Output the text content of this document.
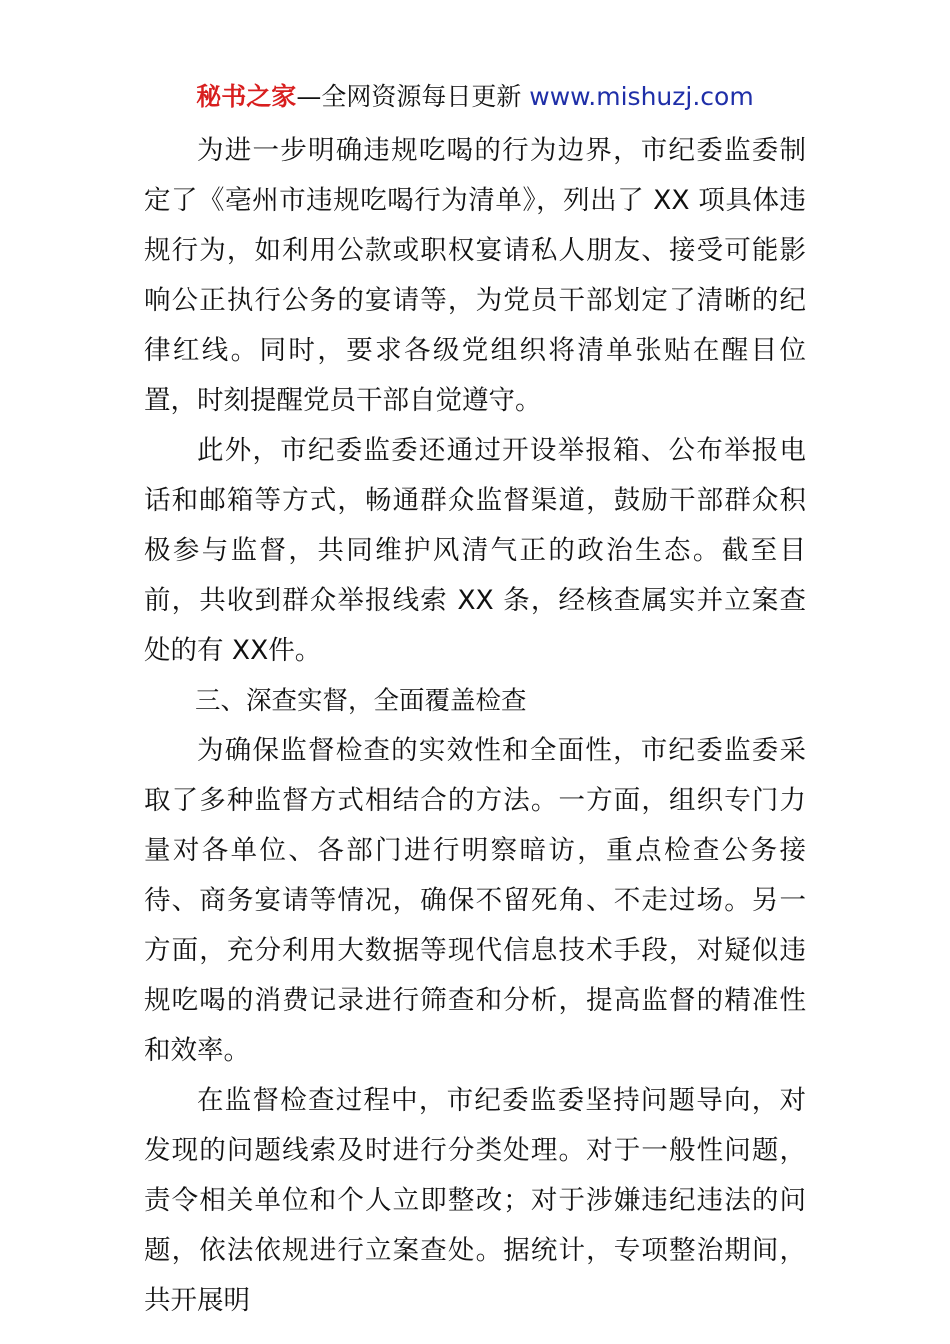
秘书之家—全网资源每日更新 www.mishuzj.com

为进一步明确违规吃喝的行为边界，市纪委监委制定了《亳州市违规吃喝行为清单》，列出了 XX 项具体违规行为，如利用公款或职权宴请私人朋友、接受可能影响公正执行公务的宴请等，为党员干部划定了清晰的纪律红线。同时，要求各级党组织将清单张贴在醒目位置，时刻提醒党员干部自觉遵守。

此外，市纪委监委还通过开设举报箱、公布举报电话和邮箱等方式，畅通群众监督渠道，鼓励干部群众积极参与监督，共同维护风清气正的政治生态。截至目前，共收到群众举报线索 XX 条，经核查属实并立案查处的有 XX件。

三、深查实督，全面覆盖检查

为确保监督检查的实效性和全面性，市纪委监委采取了多种监督方式相结合的方法。一方面，组织专门力量对各单位、各部门进行明察暗访，重点检查公务接待、商务宴请等情况，确保不留死角、不走过场。另一方面，充分利用大数据等现代信息技术手段，对疑似违规吃喝的消费记录进行筛查和分析，提高监督的精准性和效率。

在监督检查过程中，市纪委监委坚持问题导向，对发现的问题线索及时进行分类处理。对于一般性问题，责令相关单位和个人立即整改；对于涉嫌违纪违法的问题，依法依规进行立案查处。据统计，专项整治期间，共开展明
